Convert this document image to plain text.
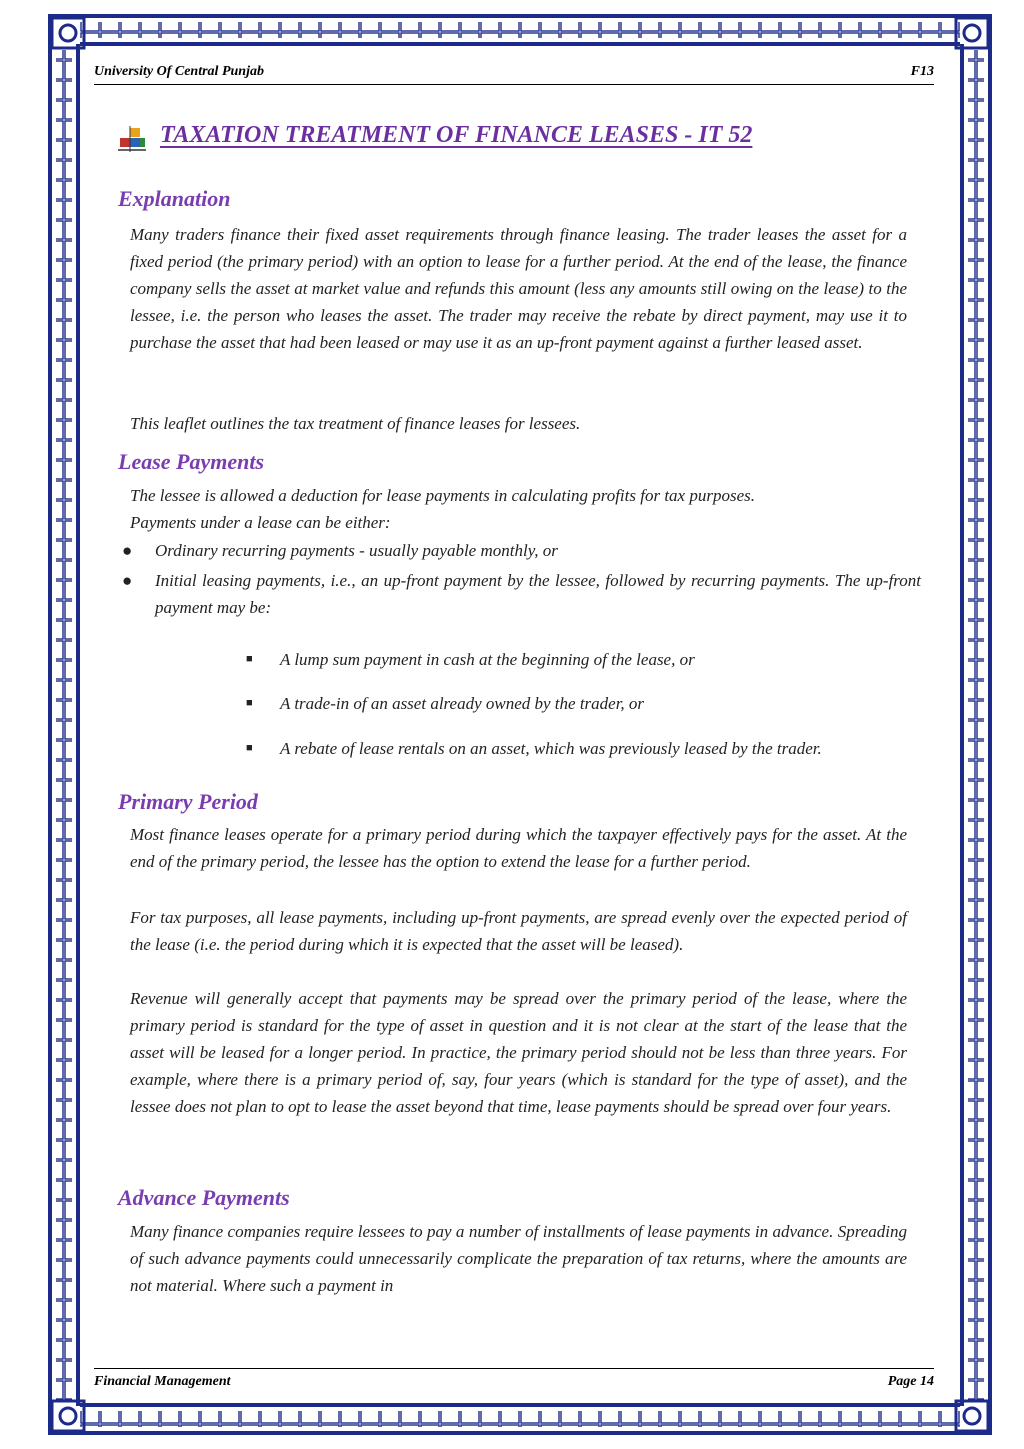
University Of Central Punjab	F13
TAXATION TREATMENT OF FINANCE LEASES - IT 52
Explanation

Many traders finance their fixed asset requirements through finance leasing. The trader leases the asset for a fixed period (the primary period) with an option to lease for a further period. At the end of the lease, the finance company sells the asset at market value and refunds this amount (less any amounts still owing on the lease) to the lessee, i.e. the person who leases the asset. The trader may receive the rebate by direct payment, may use it to purchase the asset that had been leased or may use it as an up-front payment against a further leased asset.

This leaflet outlines the tax treatment of finance leases for lessees.

Lease Payments

The lessee is allowed a deduction for lease payments in calculating profits for tax purposes.

Payments under a lease can be either:

● Ordinary recurring payments - usually payable monthly, or
● Initial leasing payments, i.e., an up-front payment by the lessee, followed by recurring payments. The up-front payment may be:
■ A lump sum payment in cash at the beginning of the lease, or
■ A trade-in of an asset already owned by the trader, or
■ A rebate of lease rentals on an asset, which was previously leased by the trader.
Primary Period

Most finance leases operate for a primary period during which the taxpayer effectively pays for the asset. At the end of the primary period, the lessee has the option to extend the lease for a further period.

For tax purposes, all lease payments, including up-front payments, are spread evenly over the expected period of the lease (i.e. the period during which it is expected that the asset will be leased).

Revenue will generally accept that payments may be spread over the primary period of the lease, where the primary period is standard for the type of asset in question and it is not clear at the start of the lease that the asset will be leased for a longer period. In practice, the primary period should not be less than three years. For example, where there is a primary period of, say, four years (which is standard for the type of asset), and the lessee does not plan to opt to lease the asset beyond that time, lease payments should be spread over four years.

Advance Payments

Many finance companies require lessees to pay a number of installments of lease payments in advance. Spreading of such advance payments could unnecessarily complicate the preparation of tax returns, where the amounts are not material. Where such a payment in

Financial Management	Page 14
